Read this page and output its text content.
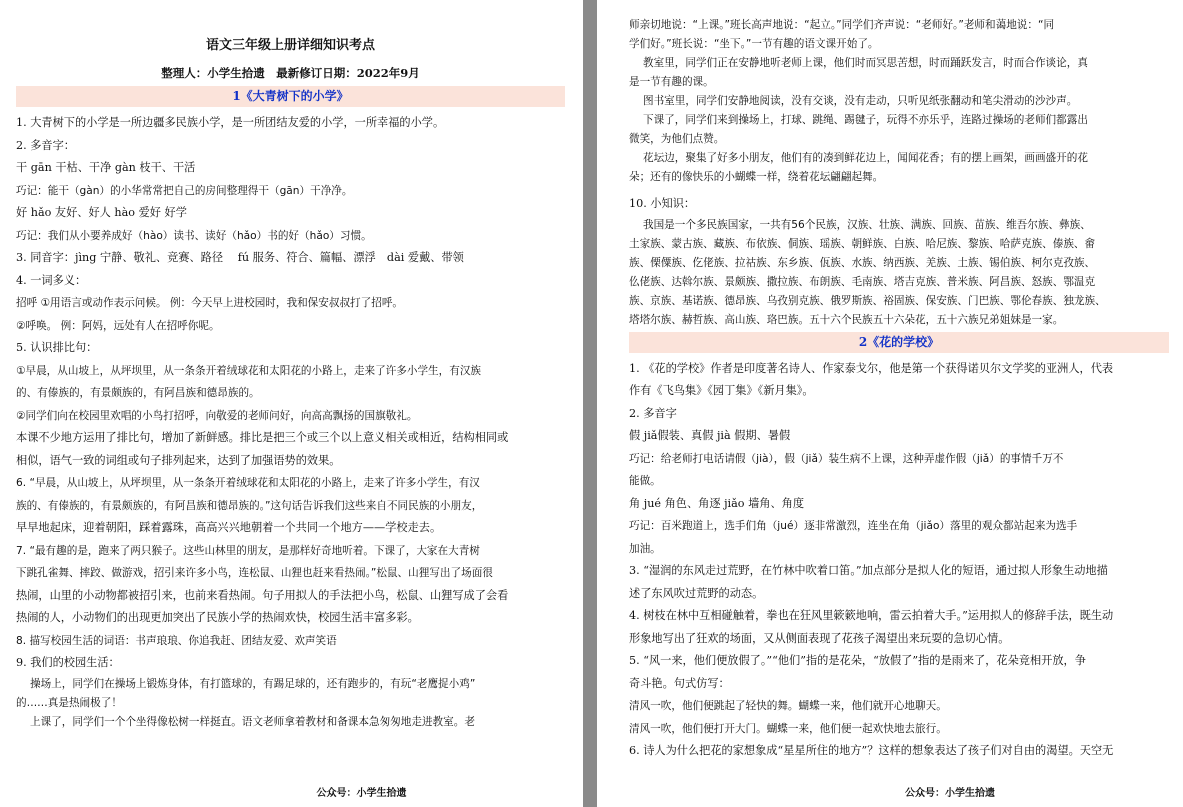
语文三年级上册详细知识考点
整理人：小学生拾遗　最新修订日期：2022年9月
1《大青树下的小学》
1. 大青树下的小学是一所边疆多民族小学，是一所团结友爱的小学，一所幸福的小学。
2. 多音字：
干 gān 干枯、干净 gàn 枝干、干活
巧记：能干（gàn）的小华常常把自己的房间整理得干（gān）干净净。
好 hǎo 友好、好人 hào 爱好 好学
巧记：我们从小要养成好（hào）读书、读好（hǎo）书的好（hǎo）习惯。
3. 同音字：jìng 宁静、敬礼、竞赛、路径　 fú 服务、符合、篇幅、漂浮　dài 爱戴、带领
4. 一词多义：
招呼 ①用语言或动作表示问候。 例：今天早上进校园时，我和保安叔叔打了招呼。
②呼唤。 例：阿妈，远处有人在招呼你呢。
5. 认识排比句：
①早晨，从山坡上，从坪坝里，从一条条开着绒球花和太阳花的小路上，走来了许多小学生，有汉族
的、有傣族的，有景颇族的，有阿昌族和德昂族的。
②同学们向在校园里欢唱的小鸟打招呼，向敬爱的老师问好，向高高飘扬的国旗敬礼。
本课不少地方运用了排比句，增加了新鲜感。排比是把三个或三个以上意义相关或相近，结构相同或
相似，语气一致的词组或句子排列起来，达到了加强语势的效果。
6. “早晨，从山坡上，从坪坝里，从一条条开着绒球花和太阳花的小路上，走来了许多小学生，有汉
族的、有傣族的，有景颇族的，有阿昌族和德昂族的。”这句话告诉我们这些来自不同民族的小朋友，
早早地起床，迎着朝阳，踩着露珠，高高兴兴地朝着一个共同一个地方——学校走去。
7. “最有趣的是，跑来了两只猴子。这些山林里的朋友，是那样好奇地听着。下课了，大家在大青树
下跳孔雀舞、摔跤、做游戏，招引来许多小鸟，连松鼠、山狸也赶来看热闹。”松鼠、山狸写出了场面很
热闹，山里的小动物都被招引来，也前来看热闹。句子用拟人的手法把小鸟，松鼠、山狸写成了会看
热闹的人，小动物们的出现更加突出了民族小学的热闹欢快，校园生活丰富多彩。
8. 描写校园生活的词语：书声琅琅、你追我赶、团结友爱、欢声笑语
9. 我们的校园生活：
操场上，同学们在操场上锻炼身体，有打篮球的，有踢足球的，还有跑步的，有玩“老鹰捉小鸡”
的……真是热闹极了！
上课了，同学们一个个坐得像松树一样挺直。语文老师拿着教材和备课本急匆匆地走进教室。老
公众号：小学生拾遗
师亲切地说：“上课。”班长高声地说：“起立。”同学们齐声说：“老师好。”老师和蔼地说：“同
学们好。”班长说：“坐下。”一节有趣的语文课开始了。
教室里，同学们正在安静地听老师上课，他们时而冥思苦想，时而踊跃发言，时而合作谈论，真
是一节有趣的课。
图书室里，同学们安静地阅读，没有交谈，没有走动，只听见纸张翻动和笔尖滑动的沙沙声。
下课了，同学们来到操场上，打球、跳绳、踢毽子，玩得不亦乐乎，连路过操场的老师们都露出
微笑，为他们点赞。
花坛边，聚集了好多小朋友，他们有的凑到鲜花边上，闻闻花香；有的摆上画架，画画盛开的花
朵；还有的像快乐的小蝴蝶一样，绕着花坛翩翩起舞。
10. 小知识：
我国是一个多民族国家，一共有56个民族，汉族、壮族、满族、回族、苗族、维吾尔族、彝族、
土家族、蒙古族、藏族、布依族、侗族、瑶族、朝鲜族、白族、哈尼族、黎族、哈萨克族、傣族、畲
族、傈僳族、仡佬族、拉祜族、东乡族、佤族、水族、纳西族、羌族、土族、锡伯族、柯尔克孜族、
仫佬族、达斡尔族、景颇族、撒拉族、布朗族、毛南族、塔吉克族、普米族、阿昌族、怒族、鄂温克
族、京族、基诺族、德昂族、乌孜别克族、俄罗斯族、裕固族、保安族、门巴族、鄂伦春族、独龙族、
塔塔尔族、赫哲族、高山族、珞巴族。五十六个民族五十六朵花，五十六族兄弟姐妹是一家。
2《花的学校》
1. 《花的学校》作者是印度著名诗人、作家泰戈尔，他是第一个获得诺贝尔文学奖的亚洲人，代表
作有《飞鸟集》《园丁集》《新月集》。
2. 多音字
假 jiǎ假装、真假 jià 假期、暑假
巧记：给老师打电话请假（jià），假（jiǎ）装生病不上课，这种弄虚作假（jiǎ）的事情千万不
能做。
角 jué 角色、角逐 jiǎo 墙角、角度
巧记：百米跑道上，选手们角（jué）逐非常激烈，连坐在角（jiǎo）落里的观众都站起来为选手
加油。
3. “湿润的东风走过荒野，在竹林中吹着口笛。”加点部分是拟人化的短语，通过拟人形象生动地描
述了东风吹过荒野的动态。
4. 树枝在林中互相碰触着，拳也在狂风里簌簌地响，雷云拍着大手。”运用拟人的修辞手法，既生动
形象地写出了狂欢的场面，又从侧面表现了花孩子渴望出来玩耍的急切心情。
5. “风一来，他们便放假了。”“他们”指的是花朵，“放假了”指的是雨来了，花朵竞相开放，争
奇斗艳。句式仿写：
清风一吹，他们便跳起了轻快的舞。蝴蝶一来，他们就开心地聊天。
清风一吹，他们便打开大门。蝴蝶一来，他们便一起欢快地去旅行。
6. 诗人为什么把花的家想象成“星星所住的地方”？这样的想象表达了孩子们对自由的渴望。天空无
公众号：小学生拾遗
